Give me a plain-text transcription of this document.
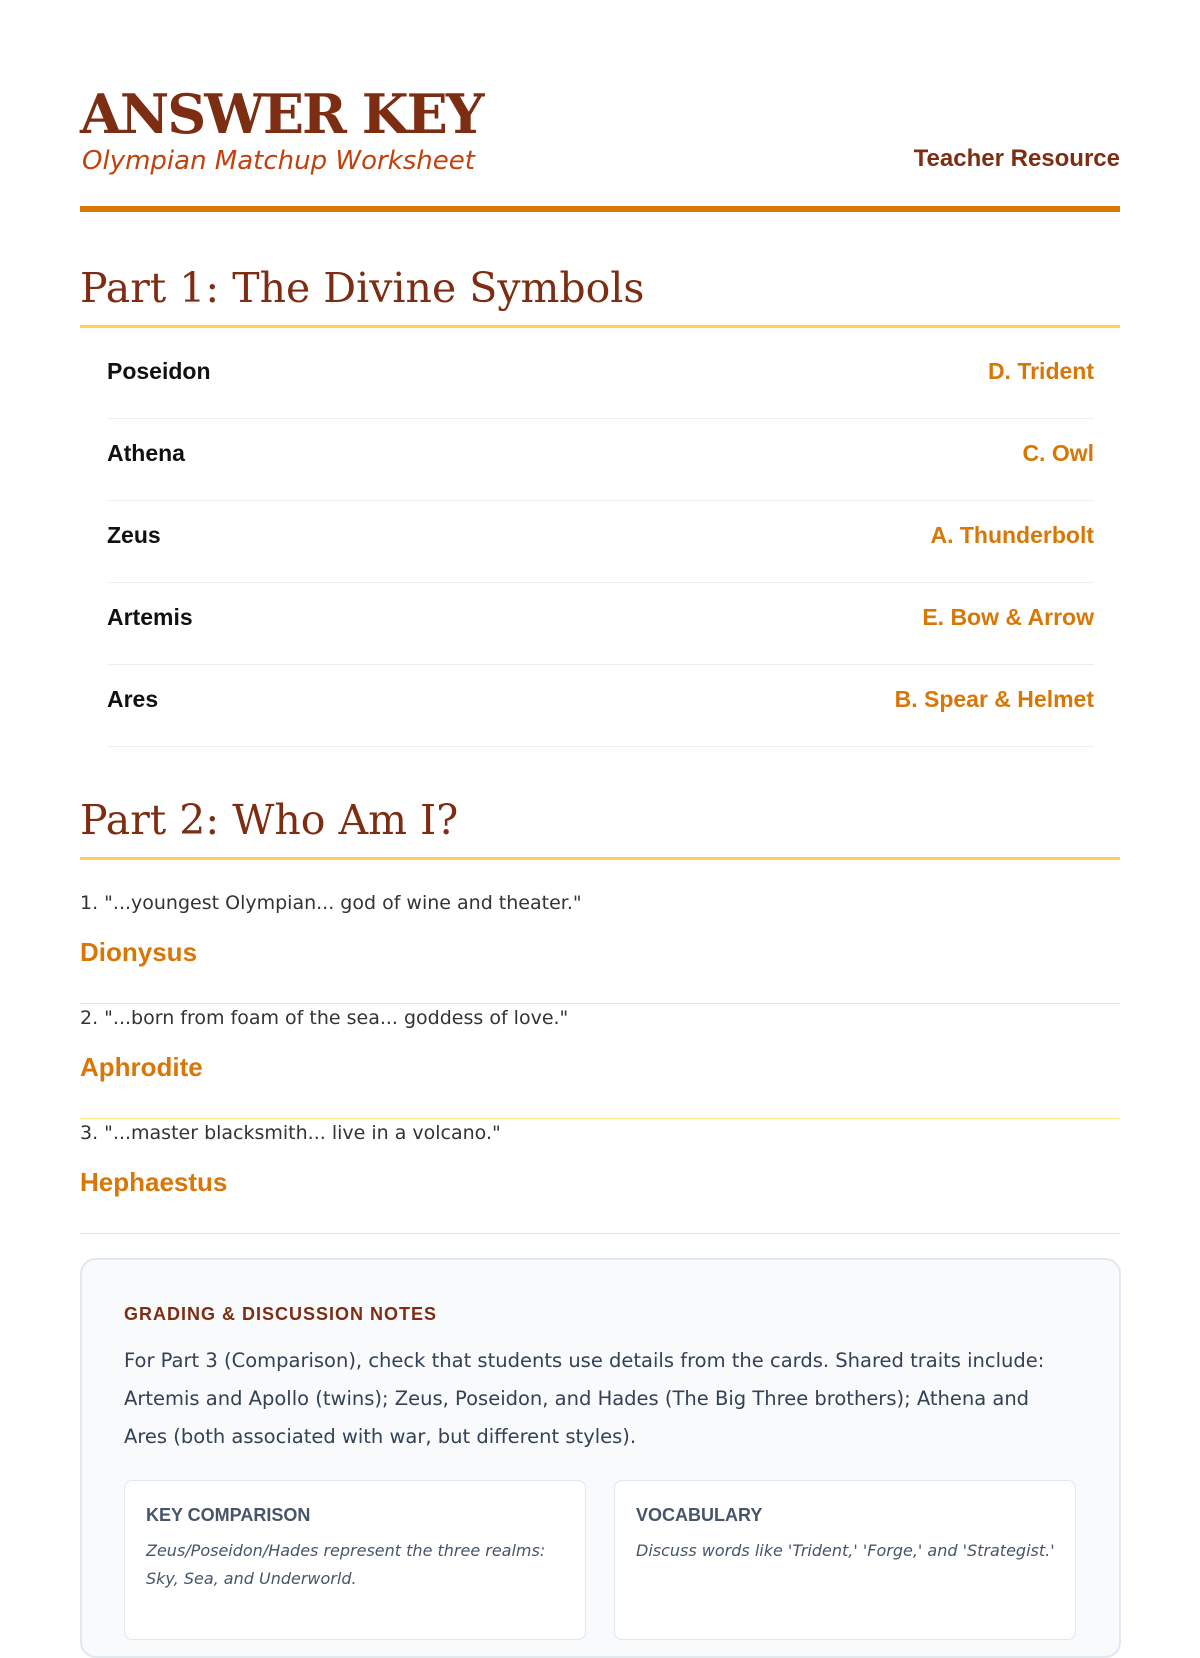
ANSWER KEY
Olympian Matchup Worksheet	Teacher Resource
Part 1: The Divine Symbols
Poseidon	D. Trident
Athena	C. Owl
Zeus	A. Thunderbolt
Artemis	E. Bow & Arrow
Ares	B. Spear & Helmet
Part 2: Who Am I?
1. "...youngest Olympian... god of wine and theater."
Dionysus
2. "...born from foam of the sea... goddess of love."
Aphrodite
3. "...master blacksmith... live in a volcano."
Hephaestus
GRADING & DISCUSSION NOTES
For Part 3 (Comparison), check that students use details from the cards. Shared traits include: Artemis and Apollo (twins); Zeus, Poseidon, and Hades (The Big Three brothers); Athena and Ares (both associated with war, but different styles).
KEY COMPARISON
Zeus/Poseidon/Hades represent the three realms: Sky, Sea, and Underworld.
VOCABULARY
Discuss words like 'Trident,' 'Forge,' and 'Strategist.'
